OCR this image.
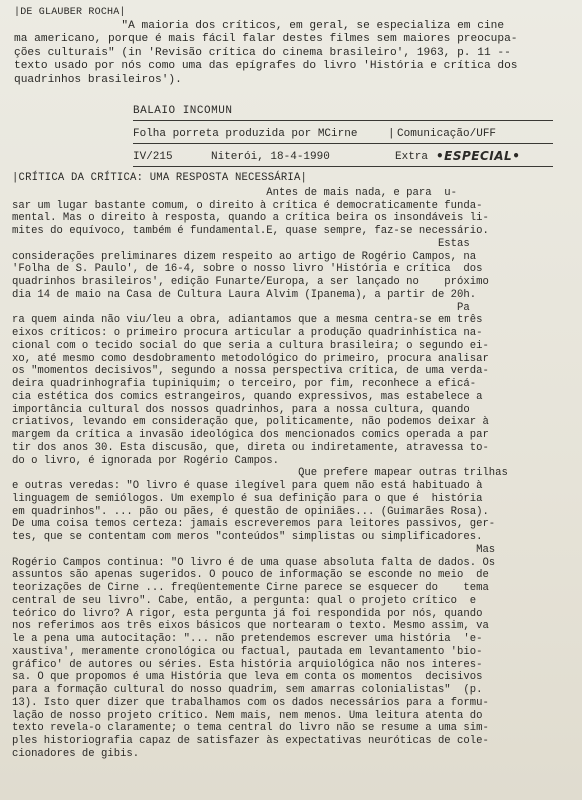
|DE GLAUBER ROCHA|
"A maioria dos críticos, em geral, se especializa em cine
ma americano, porque é mais fácil falar destes filmes sem maiores preocupa-
ções culturais" (in 'Revisão crítica do cinema brasileiro', 1963, p. 11 --
texto usado por nós como uma das epígrafes do livro 'História e crítica dos
quadrinhos brasileiros').
BALAIO INCOMUN
Folha porreta produzida por MCirne	| Comunicação/UFF
IV/215	Niterói, 18-4-1990	Extra •ESPECIAL•
|CRÍTICA DA CRÍTICA: UMA RESPOSTA NECESSÁRIA|
Antes de mais nada, e para  u-
sar um lugar bastante comum, o direito à crítica é democraticamente funda-
mental. Mas o direito à resposta, quando a crítica beira os insondáveis li-
mites do equívoco, também é fundamental.E, quase sempre, faz-se necessário.
Estas
considerações preliminares dizem respeito ao artigo de Rogério Campos, na
'Folha de S. Paulo', de 16-4, sobre o nosso livro 'História e crítica  dos
quadrinhos brasileiros', edição Funarte/Europa, a ser lançado no    próximo
dia 14 de maio na Casa de Cultura Laura Alvim (Ipanema), a partir de 20h.
Pa
ra quem ainda não viu/leu a obra, adiantamos que a mesma centra-se em três
eixos críticos: o primeiro procura articular a produção quadrinhística na-
cional com o tecido social do que seria a cultura brasileira; o segundo ei-
xo, até mesmo como desdobramento metodológico do primeiro, procura analisar
os "momentos decisivos", segundo a nossa perspectiva crítica, de uma verda-
deira quadrinhografia tupiniquim; o terceiro, por fim, reconhece a eficá-
cia estética dos comics estrangeiros, quando expressivos, mas estabelece a
importância cultural dos nossos quadrinhos, para a nossa cultura, quando
criativos, levando em consideração que, politicamente, não podemos deixar à
margem da crítica a invasão ideológica dos mencionados comics operada a par
tir dos anos 30. Esta discusão, que, direta ou indiretamente, atravessa to-
do o livro, é ignorada por Rogério Campos.
Que prefere mapear outras trilhas
e outras veredas: "O livro é quase ilegível para quem não está habituado à
linguagem de semiólogos. Um exemplo é sua definição para o que é  história
em quadrinhos". ... pão ou pães, é questão de opiniães... (Guimarães Rosa).
De uma coisa temos certeza: jamais escreveremos para leitores passivos, ger-
tes, que se contentam com meros "conteúdos" simplistas ou simplificadores.
Mas
Rogério Campos continua: "O livro é de uma quase absoluta falta de dados. Os
assuntos são apenas sugeridos. O pouco de informação se esconde no meio  de
teorizações de Cirne ... freqüentemente Cirne parece se esquecer do    tema
central de seu livro". Cabe, então, a pergunta: qual o projeto crítico  e
teórico do livro? A rigor, esta pergunta já foi respondida por nós, quando
nos referimos aos três eixos básicos que nortearam o texto. Mesmo assim, va
le a pena uma autocitação: "... não pretendemos escrever uma história  'e-
xaustiva', meramente cronológica ou factual, pautada em levantamento 'bio-
gráfico' de autores ou séries. Esta história arquiológica não nos interes-
sa. O que propomos é uma História que leva em conta os momentos  decisivos
para a formação cultural do nosso quadrim, sem amarras colonialistas"  (p.
13). Isto quer dizer que trabalhamos com os dados necessários para a formu-
lação de nosso projeto crítico. Nem mais, nem menos. Uma leitura atenta do
texto revela-o claramente; o tema central do livro não se resume a uma sim-
ples historiografia capaz de satisfazer às expectativas neuróticas de cole-
cionadores de gibis.
